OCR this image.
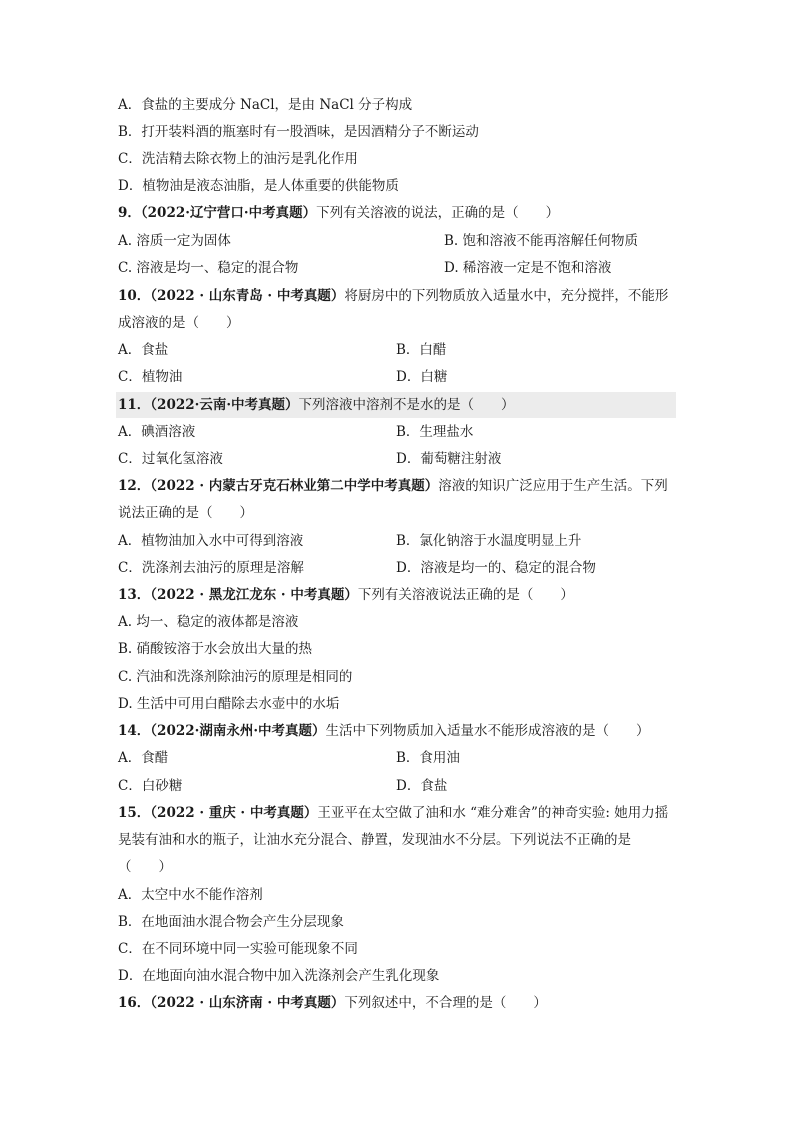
A．食盐的主要成分 NaCl，是由 NaCl 分子构成
B．打开装料酒的瓶塞时有一股酒味，是因酒精分子不断运动
C．洗洁精去除衣物上的油污是乳化作用
D．植物油是液态油脂，是人体重要的供能物质
9．（2022·辽宁营口·中考真题）下列有关溶液的说法，正确的是（　　）
A. 溶质一定为固体	B. 饱和溶液不能再溶解任何物质
C. 溶液是均一、稳定的混合物	D. 稀溶液一定是不饱和溶液
10．（2022 · 山东青岛 · 中考真题）将厨房中的下列物质放入适量水中，充分搅拌，不能形
成溶液的是（　　）
A．食盐	B．白醋
C．植物油	D．白糖
11．（2022·云南·中考真题）下列溶液中溶剂不是水的是（　　）
A．碘酒溶液	B．生理盐水
C．过氧化氢溶液	D．葡萄糖注射液
12．（2022 · 内蒙古牙克石林业第二中学中考真题）溶液的知识广泛应用于生产生活。下列
说法正确的是（　　）
A．植物油加入水中可得到溶液	B．氯化钠溶于水温度明显上升
C．洗涤剂去油污的原理是溶解	D．溶液是均一的、稳定的混合物
13．（2022 · 黑龙江龙东 · 中考真题）下列有关溶液说法正确的是（　　）
A. 均一、稳定的液体都是溶液
B. 硝酸铵溶于水会放出大量的热
C. 汽油和洗涤剂除油污的原理是相同的
D. 生活中可用白醋除去水壶中的水垢
14．（2022·湖南永州·中考真题）生活中下列物质加入适量水不能形成溶液的是（　　）
A．食醋	B．食用油
C．白砂糖	D．食盐
15．（2022 · 重庆 · 中考真题）王亚平在太空做了油和水 “难分难舍”的神奇实验: 她用力摇
晃装有油和水的瓶子，让油水充分混合、静置，发现油水不分层。下列说法不正确的是
（　　）
A．太空中水不能作溶剂
B．在地面油水混合物会产生分层现象
C．在不同环境中同一实验可能现象不同
D．在地面向油水混合物中加入洗涤剂会产生乳化现象
16．（2022 · 山东济南 · 中考真题）下列叙述中，不合理的是（　　）
